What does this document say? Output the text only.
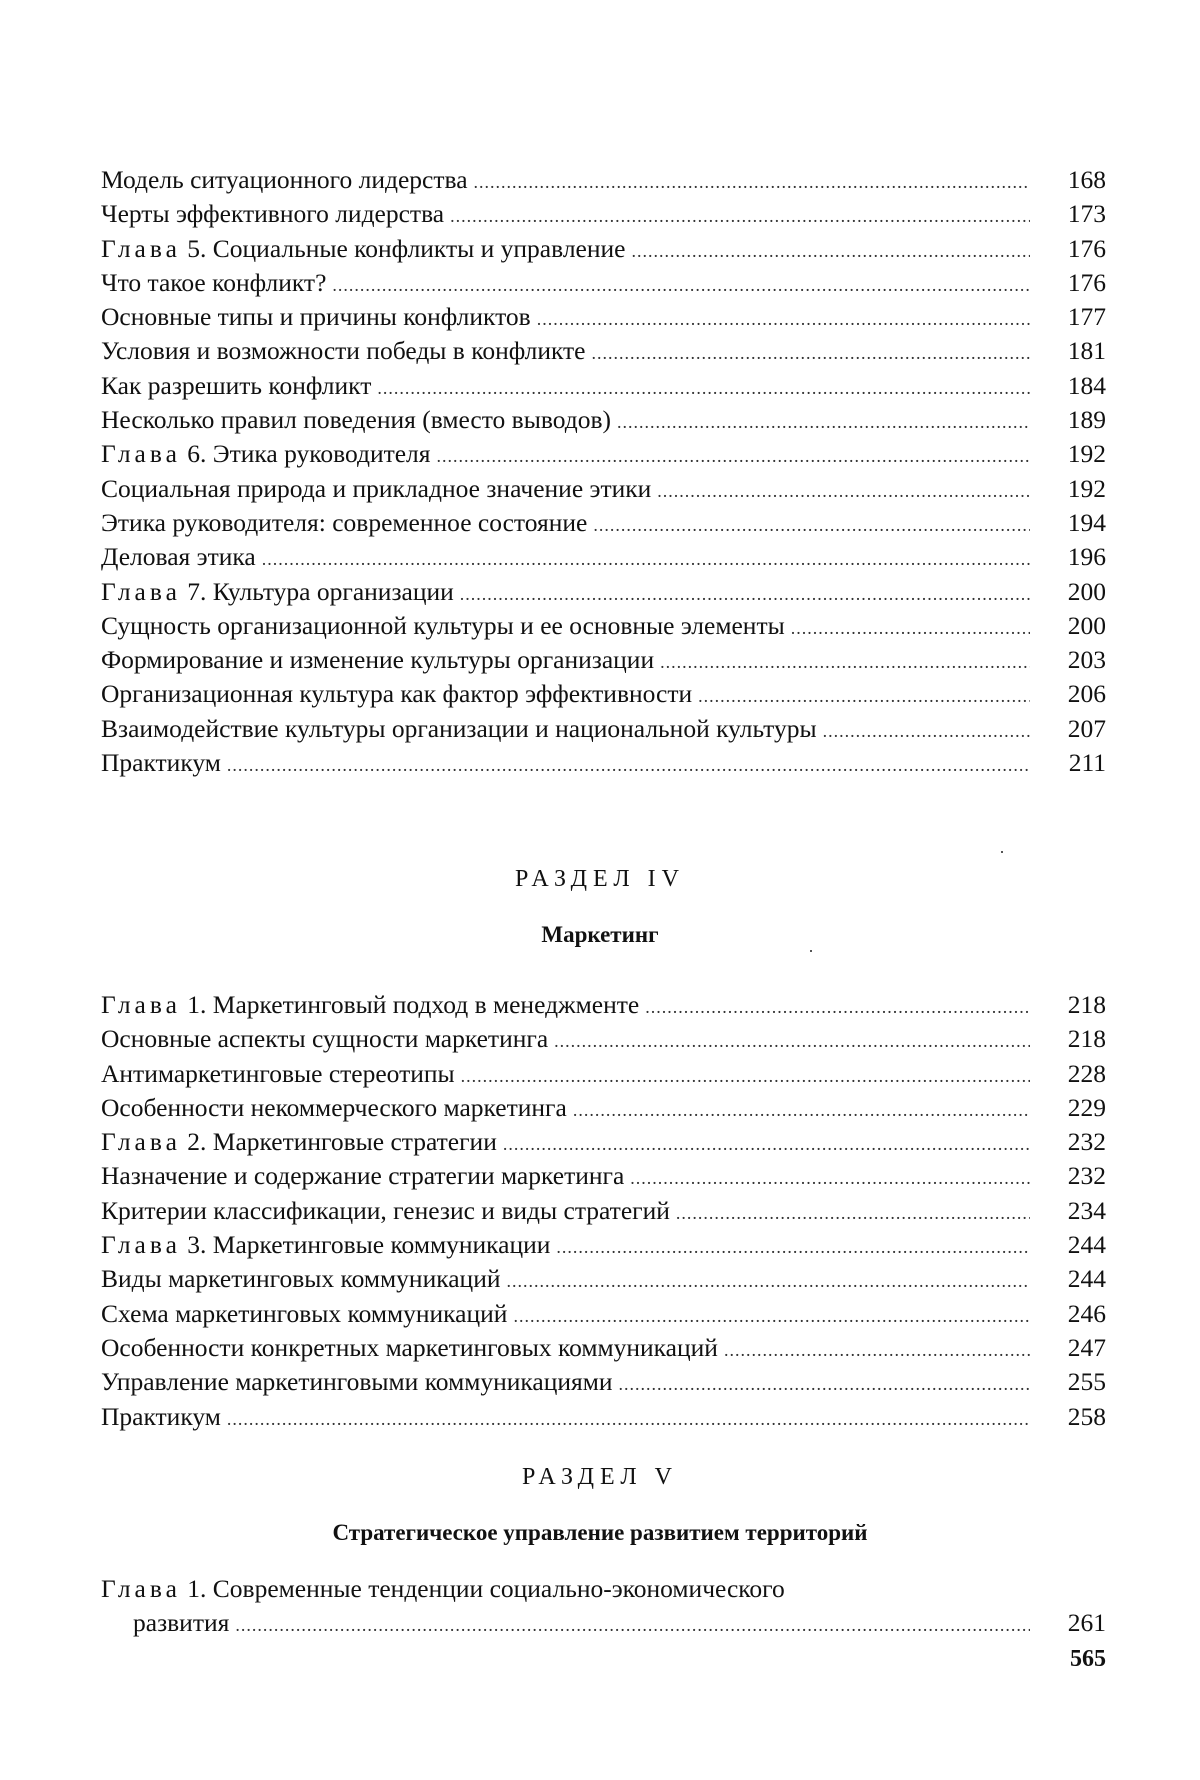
Модель ситуационного лидерства .....	168
Черты эффективного лидерства .....	173
Глава 5. Социальные конфликты и управление .....	176
Что такое конфликт? .....	176
Основные типы и причины конфликтов .....	177
Условия и возможности победы в конфликте .....	181
Как разрешить конфликт .....	184
Несколько правил поведения (вместо выводов) .....	189
Глава 6. Этика руководителя .....	192
Социальная природа и прикладное значение этики .....	192
Этика руководителя: современное состояние .....	194
Деловая этика .....	196
Глава 7. Культура организации .....	200
Сущность организационной культуры и ее основные элементы .....	200
Формирование и изменение культуры организации .....	203
Организационная культура как фактор эффективности .....	206
Взаимодействие культуры организации и национальной культуры .....	207
Практикум .....	211
РАЗДЕЛ IV
Маркетинг
Глава 1. Маркетинговый подход в менеджменте .....	218
Основные аспекты сущности маркетинга .....	218
Антимаркетинговые стереотипы .....	228
Особенности некоммерческого маркетинга .....	229
Глава 2. Маркетинговые стратегии .....	232
Назначение и содержание стратегии маркетинга .....	232
Критерии классификации, генезис и виды стратегий .....	234
Глава 3. Маркетинговые коммуникации .....	244
Виды маркетинговых коммуникаций .....	244
Схема маркетинговых коммуникаций .....	246
Особенности конкретных маркетинговых коммуникаций .....	247
Управление маркетинговыми коммуникациями .....	255
Практикум .....	258
РАЗДЕЛ V
Стратегическое управление развитием территорий
Глава 1. Современные тенденции социально-экономического
развития .....	261
565
